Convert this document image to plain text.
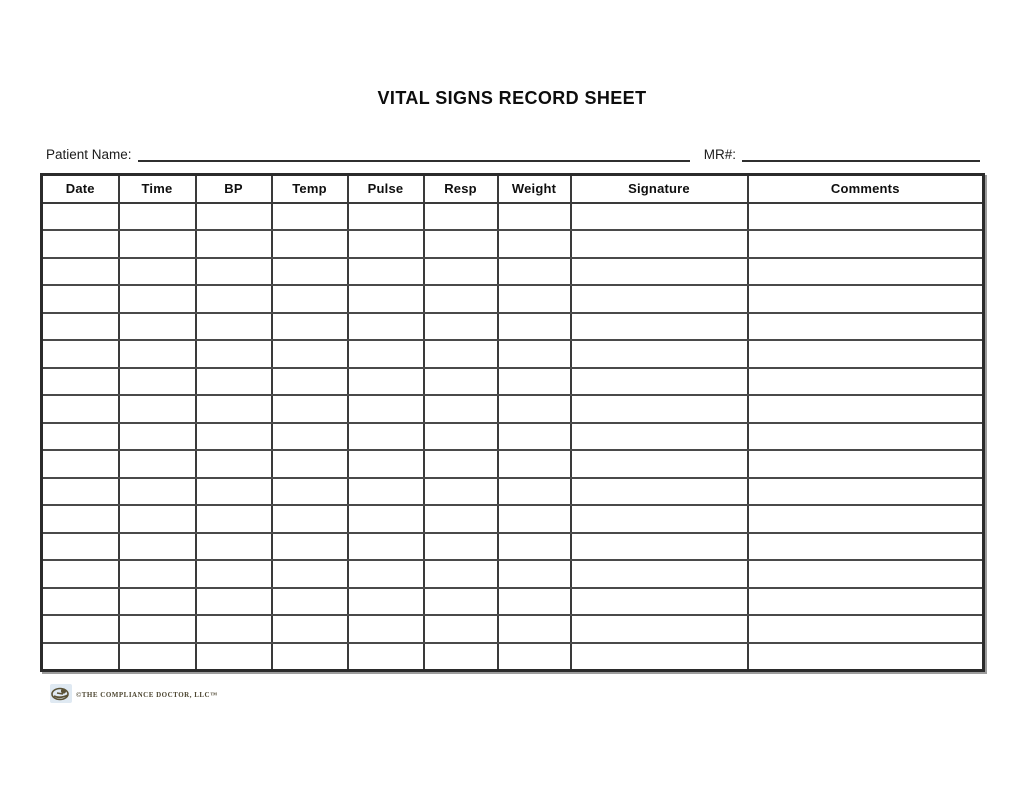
VITAL SIGNS RECORD SHEET
Patient Name:	MR#:
Date	Time	BP	Temp	Pulse	Resp	Weight	Signature	Comments

©THE COMPLIANCE DOCTOR, LLC™
